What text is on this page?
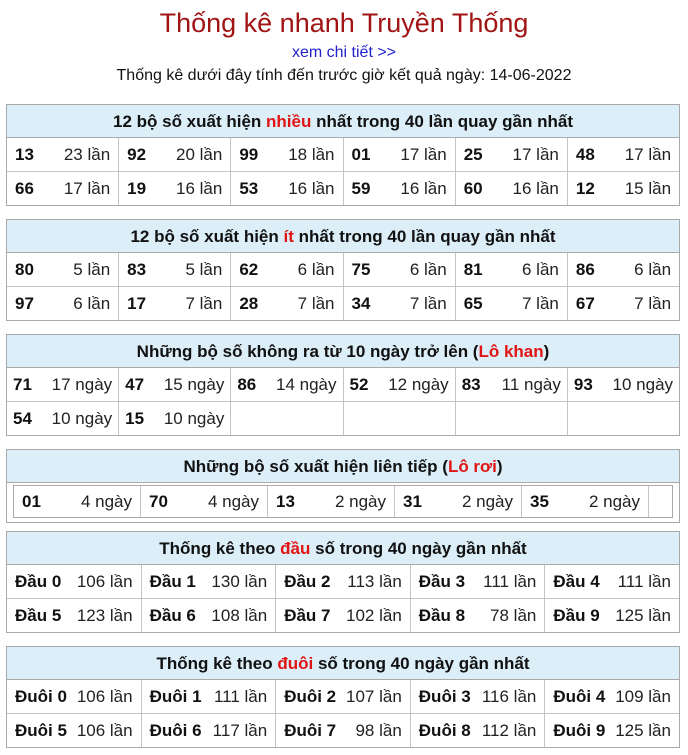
Thống kê nhanh Truyền Thống
xem chi tiết >>
Thống kê dưới đây tính đến trước giờ kết quả ngày: 14-06-2022
12 bộ số xuất hiện nhiều nhất trong 40 lần quay gần nhất
13 23 lần 92 20 lần 99 18 lần 01 17 lần 25 17 lần 48 17 lần
66 17 lần 19 16 lần 53 16 lần 59 16 lần 60 16 lần 12 15 lần
12 bộ số xuất hiện ít nhất trong 40 lần quay gần nhất
80 5 lần 83 5 lần 62 6 lần 75 6 lần 81 6 lần 86 6 lần
97 6 lần 17 7 lần 28 7 lần 34 7 lần 65 7 lần 67 7 lần
Những bộ số không ra từ 10 ngày trở lên (Lô khan)
71 17 ngày 47 15 ngày 86 14 ngày 52 12 ngày 83 11 ngày 93 10 ngày
54 10 ngày 15 10 ngày
Những bộ số xuất hiện liên tiếp (Lô rơi)
01 4 ngày 70 4 ngày 13 2 ngày 31 2 ngày 35 2 ngày
Thống kê theo đầu số trong 40 ngày gần nhất
Đầu 0 106 lần Đầu 1 130 lần Đầu 2 113 lần Đầu 3 111 lần Đầu 4 111 lần
Đầu 5 123 lần Đầu 6 108 lần Đầu 7 102 lần Đầu 8 78 lần Đầu 9 125 lần
Thống kê theo đuôi số trong 40 ngày gần nhất
Đuôi 0 106 lần Đuôi 1 111 lần Đuôi 2 107 lần Đuôi 3 116 lần Đuôi 4 109 lần
Đuôi 5 106 lần Đuôi 6 117 lần Đuôi 7 98 lần Đuôi 8 112 lần Đuôi 9 125 lần
